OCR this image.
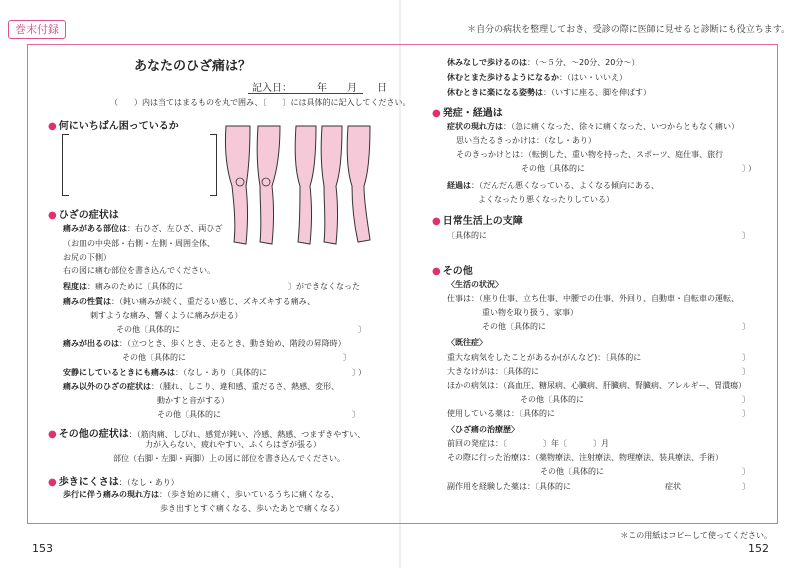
巻末付録	＊自分の病状を整理しておき、受診の際に医師に見せると診断にも役立ちます。
あなたのひざ痛は？
記入日：　　　年　　月　　日
（　　）内は当てはまるものを丸で囲み、〔　　〕には具体的に記入してください。
● 何にいちばん困っているか
● ひざの症状は
痛みがある部位は：右ひざ、左ひざ、両ひざ
（お皿の中央部・右側・左側・周囲全体、
お尻の下側）
右の図に痛む部位を書き込んでください。
程度は：痛みのために〔具体的に	〕ができなくなった
痛みの性質は：（鈍い痛みが続く、重だるい感じ、ズキズキする痛み、
刺すような痛み、響くように痛みが走る）
その他〔具体的に	〕
痛みが出るのは：（立つとき、歩くとき、走るとき、動き始め、階段の昇降時）
その他〔具体的に	〕
安静にしているときにも痛みは：（なし・あり〔具体的に	〕
）
痛み以外のひざの症状は：（腫れ、しこり、違和感、重だるさ、熱感、変形、
動かすと音がする）
その他〔具体的に	〕
● その他の症状は：（筋肉痛、しびれ、感覚が鈍い、冷感、熱感、つまずきやすい、
力が入らない、疲れやすい、ふくらはぎが張る）
部位（右脚・左脚・両脚）上の図に部位を書き込んでください。
● 歩きにくさは：（なし・あり）
歩行に伴う痛みの現れ方は：（歩き始めに痛く、歩いているうちに痛くなる、
歩き出すとすぐ痛くなる、歩いたあとで痛くなる）
153
休みなしで歩けるのは：（～５分、～20分、20分～）
休むとまた歩けるようになるか：（はい・いいえ）
休むときに楽になる姿勢は：（いすに座る、脚を伸ばす）
● 発症・経過は
症状の現れ方は：（急に痛くなった、徐々に痛くなった、いつからともなく痛い）
思い当たるきっかけは：（なし・あり）
そのきっかけとは：（転倒した、重い物を持った、スポーツ、庭仕事、旅行
その他〔具体的に	〕
）
経過は：（だんだん悪くなっている、よくなる傾向にある、
よくなったり悪くなったりしている）
● 日常生活上の支障
〔具体的に	〕
● その他
〈生活の状況〉
仕事は：（座り仕事、立ち仕事、中腰での仕事、外回り、自動車・自転車の運転、
重い物を取り扱う、家事）
その他〔具体的に	〕
〈既往症〉
重大な病気をしたことがあるか(がんなど)：〔具体的に	〕
大きなけがは：〔具体的に	〕
ほかの病気は：（高血圧、糖尿病、心臓病、肝臓病、腎臓病、アレルギー、胃潰瘍）
その他〔具体的に	〕
使用している薬は：〔具体的に	〕
〈ひざ痛の治療歴〉
前回の発症は：〔	〕年〔	〕月
その際に行った治療は：（薬物療法、注射療法、物理療法、装具療法、手術）
その他〔具体的に	〕
副作用を経験した薬は：〔具体的に	症状	〕
＊この用紙はコピーして使ってください。
152
